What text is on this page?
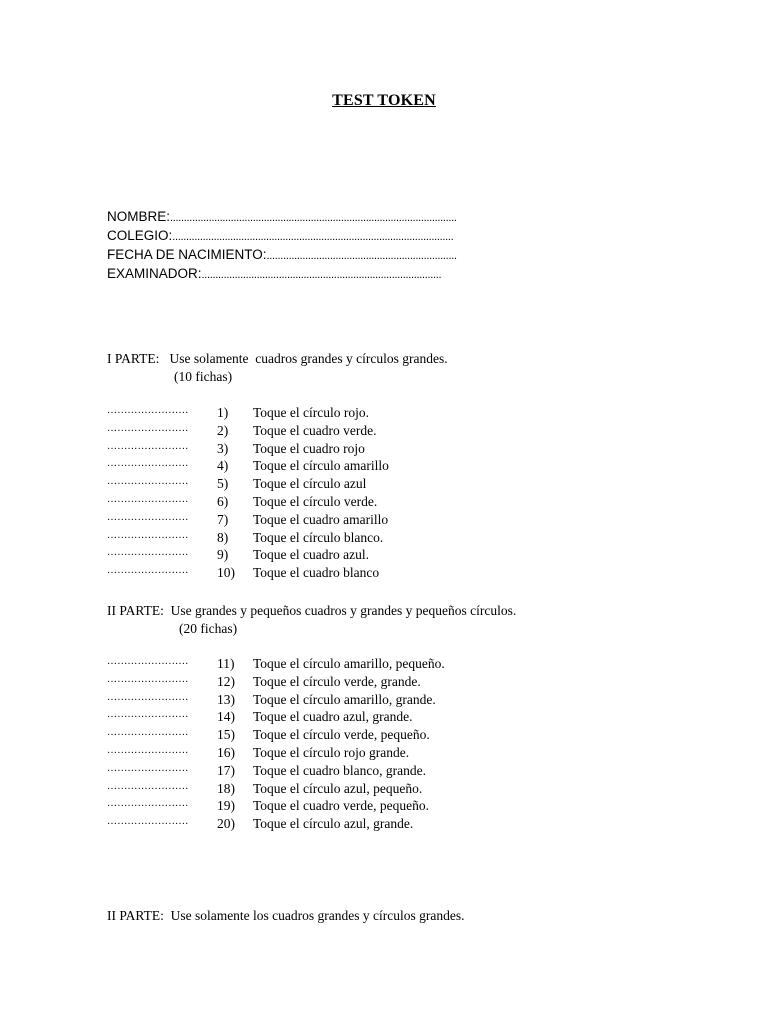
TEST TOKEN
NOMBRE:........................................................................................................
COLEGIO:......................................................................................................
FECHA DE NACIMIENTO:.....................................................................
EXAMINADOR:.......................................................................................
I PARTE:   Use solamente  cuadros grandes y círculos grandes.
(10 fichas)
…………………… 1) Toque el círculo rojo.
…………………… 2) Toque el cuadro verde.
…………………… 3) Toque el cuadro rojo
…………………… 4) Toque el círculo amarillo
…………………… 5) Toque el círculo azul
…………………… 6) Toque el círculo verde.
…………………… 7) Toque el cuadro amarillo
…………………… 8) Toque el círculo blanco.
…………………… 9) Toque el cuadro azul.
…………………… 10) Toque el cuadro blanco
II PARTE:  Use grandes y pequeños cuadros y grandes y pequeños círculos.
(20 fichas)
…………………… 11) Toque el círculo amarillo, pequeño.
…………………… 12) Toque el círculo verde, grande.
…………………… 13) Toque el círculo amarillo, grande.
…………………… 14) Toque el cuadro azul, grande.
…………………… 15) Toque el círculo verde, pequeño.
…………………… 16) Toque el círculo rojo grande.
…………………… 17) Toque el cuadro blanco, grande.
…………………… 18) Toque el círculo azul, pequeño.
…………………… 19) Toque el cuadro verde, pequeño.
…………………… 20) Toque el círculo azul, grande.
II PARTE:  Use solamente los cuadros grandes y círculos grandes.
